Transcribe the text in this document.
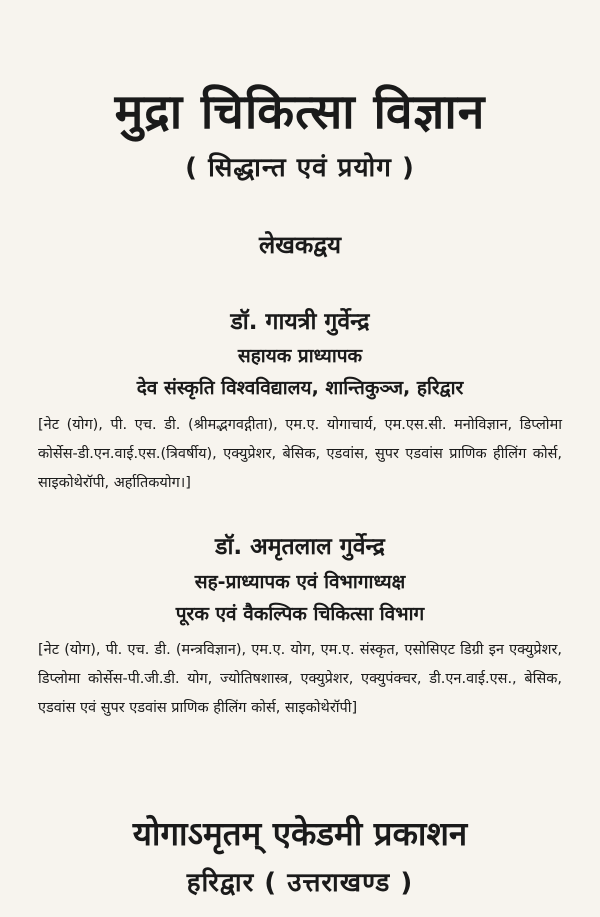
मुद्रा चिकित्सा विज्ञान
( सिद्धान्त एवं प्रयोग )
लेखकद्वय
डॉ. गायत्री गुर्वेन्द्र
सहायक प्राध्यापक
देव संस्कृति विश्वविद्यालय, शान्तिकुञ्ज, हरिद्वार
[नेट (योग), पी. एच. डी. (श्रीमद्भगवद्गीता), एम.ए. योगाचार्य, एम.एस.सी. मनोविज्ञान, डिप्लोमा कोर्सेस-डी.एन.वाई.एस.(त्रिवर्षीय), एक्युप्रेशर, बेसिक, एडवांस, सुपर एडवांस प्राणिक हीलिंग कोर्स, साइकोथेरॉपी, अर्हातिकयोग।]
डॉ. अमृतलाल गुर्वेन्द्र
सह-प्राध्यापक एवं विभागाध्यक्ष
पूरक एवं वैकल्पिक चिकित्सा विभाग
[नेट (योग), पी. एच. डी. (मन्त्रविज्ञान), एम.ए. योग, एम.ए. संस्कृत, एसोसिएट डिग्री इन एक्युप्रेशर, डिप्लोमा कोर्सेस-पी.जी.डी. योग, ज्योतिषशास्त्र, एक्युप्रेशर, एक्युपंक्चर, डी.एन.वाई.एस., बेसिक, एडवांस एवं सुपर एडवांस प्राणिक हीलिंग कोर्स, साइकोथेरॉपी]
योगाऽमृतम् एकेडमी प्रकाशन
हरिद्वार ( उत्तराखण्ड )
